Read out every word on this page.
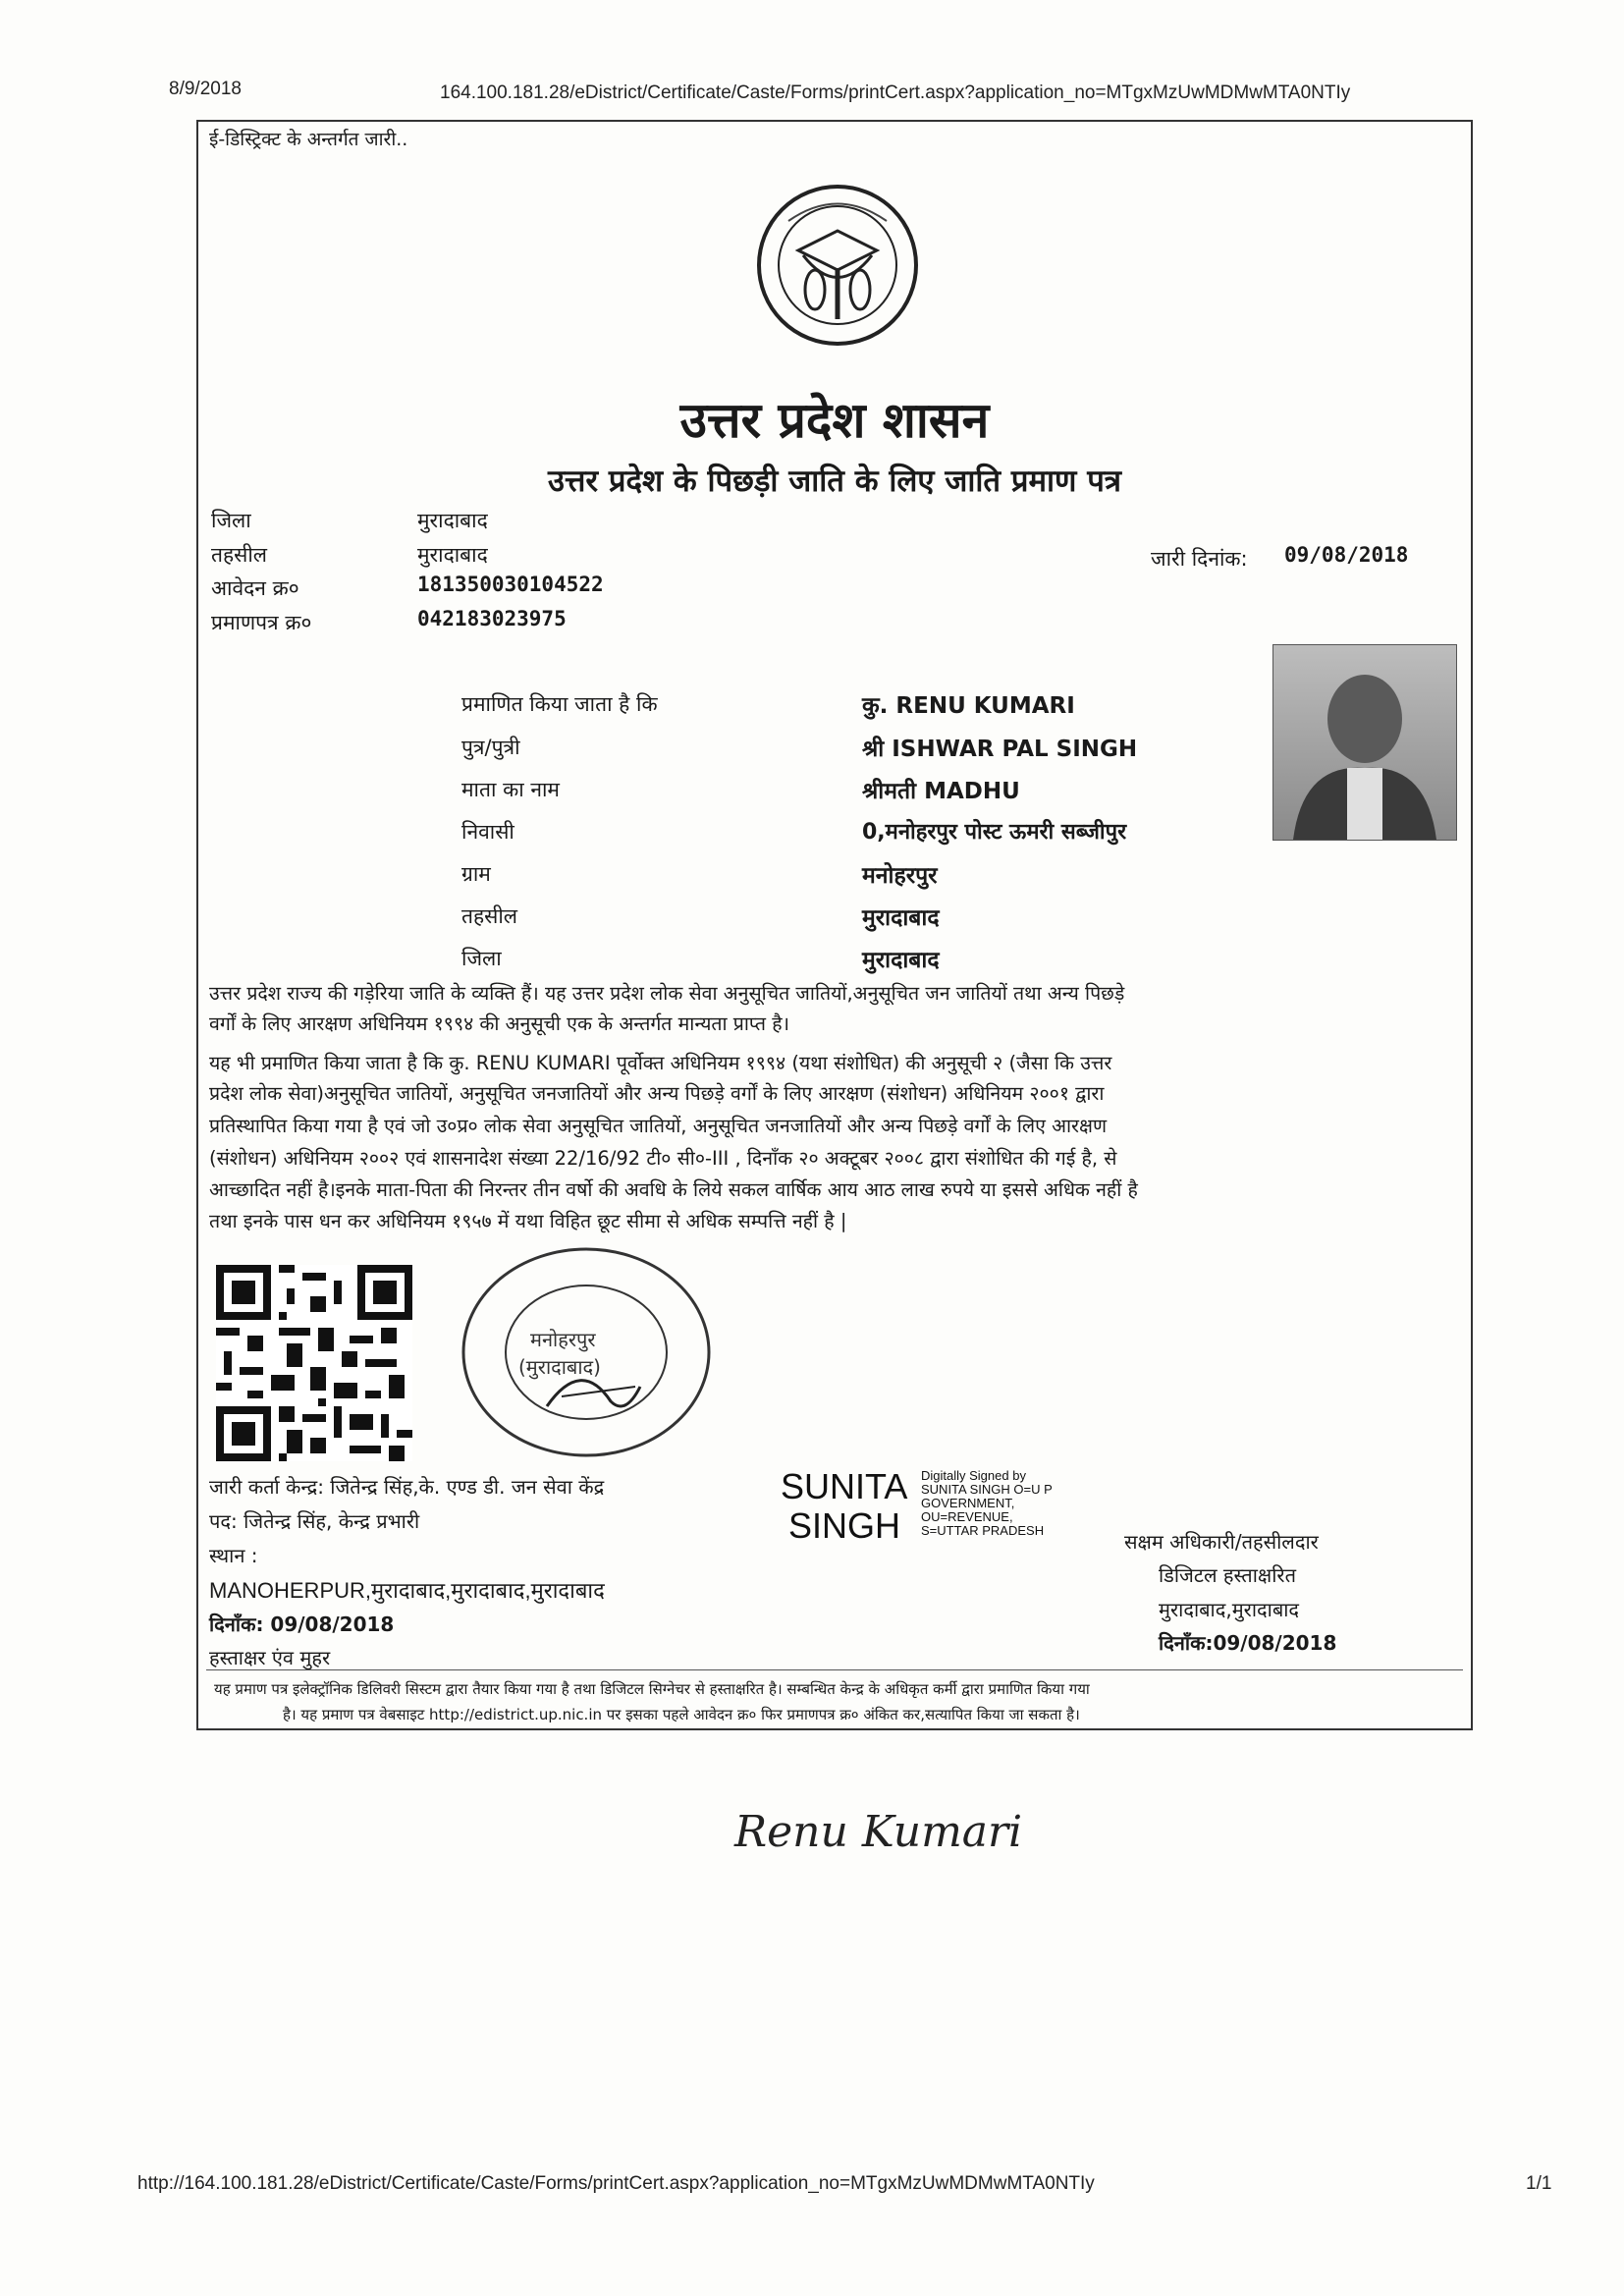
8/9/2018	164.100.181.28/eDistrict/Certificate/Caste/Forms/printCert.aspx?application_no=MTgxMzUwMDMwMTA0NTIy
ई-डिस्ट्रिक्ट के अन्तर्गत जारी..
उत्तर प्रदेश शासन
उत्तर प्रदेश के पिछड़ी जाति के लिए जाति प्रमाण पत्र
जिला	मुरादाबाद
तहसील	मुरादाबाद
आवेदन क्र०	181350030104522
प्रमाणपत्र क्र०	042183023975
जारी दिनांक: 09/08/2018
प्रमाणित किया जाता है कि	कु. RENU KUMARI
पुत्र/पुत्री	श्री ISHWAR PAL SINGH
माता का नाम	श्रीमती MADHU
निवासी	0,मनोहरपुर पोस्ट ऊमरी सब्जीपुर
ग्राम	मनोहरपुर
तहसील	मुरादाबाद
जिला	मुरादाबाद
उत्तर प्रदेश राज्य की गड़ेरिया जाति के व्यक्ति हैं। यह उत्तर प्रदेश लोक सेवा अनुसूचित जातियों,अनुसूचित जन जातियों तथा अन्य पिछड़े
वर्गों के लिए आरक्षण अधिनियम १९९४ की अनुसूची एक के अन्तर्गत मान्यता प्राप्त है।
यह भी प्रमाणित किया जाता है कि कु. RENU KUMARI पूर्वोक्त अधिनियम १९९४ (यथा संशोधित) की अनुसूची २ (जैसा कि उत्तर
प्रदेश लोक सेवा)अनुसूचित जातियों, अनुसूचित जनजातियों और अन्य पिछड़े वर्गों के लिए आरक्षण (संशोधन) अधिनियम २००१ द्वारा
प्रतिस्थापित किया गया है एवं जो उ०प्र० लोक सेवा अनुसूचित जातियों, अनुसूचित जनजातियों और अन्य पिछड़े वर्गों के लिए आरक्षण
(संशोधन) अधिनियम २००२ एवं शासनादेश संख्या 22/16/92 टी० सी०-III , दिनाँक २० अक्टूबर २००८ द्वारा संशोधित की गई है, से
आच्छादित नहीं है।इनके माता-पिता की निरन्तर तीन वर्षो की अवधि के लिये सकल वार्षिक आय आठ लाख रुपये या इससे अधिक नहीं है
तथा इनके पास धन कर अधिनियम १९५७ में यथा विहित छूट सीमा से अधिक सम्पत्ति नहीं है |
मनोहरपुर
(मुरादाबाद)
जारी कर्ता केन्द्र: जितेन्द्र सिंह,के. एण्ड डी. जन सेवा केंद्र
पद: जितेन्द्र सिंह, केन्द्र प्रभारी
स्थान :
MANOHERPUR,मुरादाबाद,मुरादाबाद,मुरादाबाद
दिनाँक: 09/08/2018
हस्ताक्षर एंव मुहर
SUNITA
SINGH
Digitally Signed by
SUNITA SINGH O=U P
GOVERNMENT,
OU=REVENUE,
S=UTTAR PRADESH	सक्षम अधिकारी/तहसीलदार
डिजिटल हस्ताक्षरित
मुरादाबाद,मुरादाबाद
दिनाँक:09/08/2018
यह प्रमाण पत्र इलेक्ट्रॉनिक डिलिवरी सिस्टम द्वारा तैयार किया गया है तथा डिजिटल सिग्नेचर से हस्ताक्षरित है। सम्बन्धित केन्द्र के अधिकृत कर्मी द्वारा प्रमाणित किया गया
है। यह प्रमाण पत्र वेबसाइट http://edistrict.up.nic.in पर इसका पहले आवेदन क्र० फिर प्रमाणपत्र क्र० अंकित कर,सत्यापित किया जा सकता है।
Renu Kumari
http://164.100.181.28/eDistrict/Certificate/Caste/Forms/printCert.aspx?application_no=MTgxMzUwMDMwMTA0NTIy	1/1
